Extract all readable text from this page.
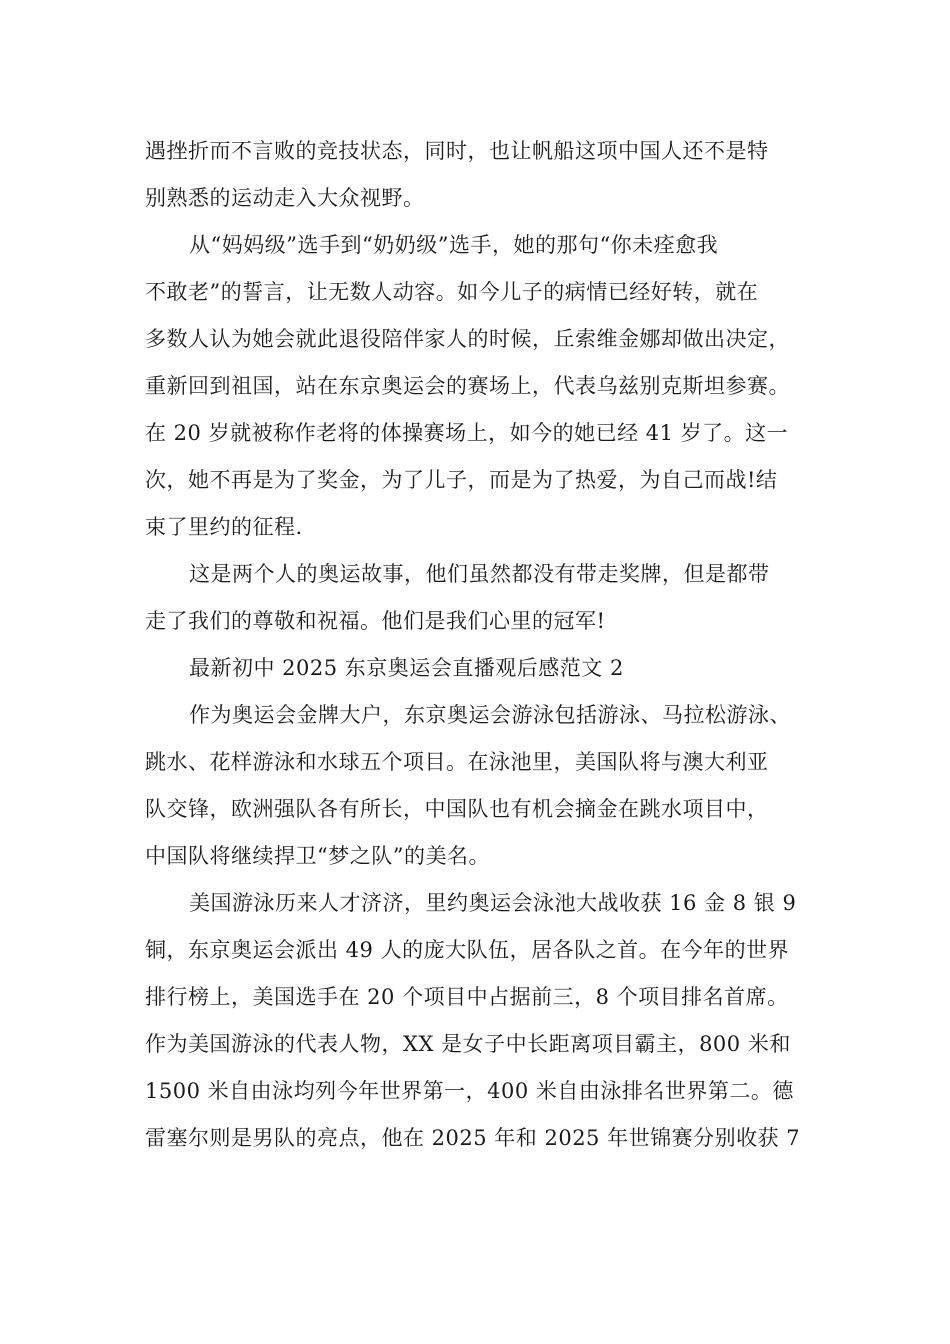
遇挫折而不言败的竞技状态，同时，也让帆船这项中国人还不是特
别熟悉的运动走入大众视野。
从“妈妈级”选手到“奶奶级”选手，她的那句“你未痊愈我
不敢老”的誓言，让无数人动容。如今儿子的病情已经好转，就在
多数人认为她会就此退役陪伴家人的时候，丘索维金娜却做出决定，
重新回到祖国，站在东京奥运会的赛场上，代表乌兹别克斯坦参赛。
在 20 岁就被称作老将的体操赛场上，如今的她已经 41 岁了。这一
次，她不再是为了奖金，为了儿子，而是为了热爱，为自己而战!结
束了里约的征程.
这是两个人的奥运故事，他们虽然都没有带走奖牌，但是都带
走了我们的尊敬和祝福。他们是我们心里的冠军!
最新初中 2025 东京奥运会直播观后感范文 2
作为奥运会金牌大户，东京奥运会游泳包括游泳、马拉松游泳、
跳水、花样游泳和水球五个项目。在泳池里，美国队将与澳大利亚
队交锋，欧洲强队各有所长，中国队也有机会摘金在跳水项目中，
中国队将继续捍卫“梦之队”的美名。
美国游泳历来人才济济，里约奥运会泳池大战收获 16 金 8 银 9
铜，东京奥运会派出 49 人的庞大队伍，居各队之首。在今年的世界
排行榜上，美国选手在 20 个项目中占据前三，8 个项目排名首席。
作为美国游泳的代表人物，XX 是女子中长距离项目霸主，800 米和
1500 米自由泳均列今年世界第一，400 米自由泳排名世界第二。德
雷塞尔则是男队的亮点，他在 2025 年和 2025 年世锦赛分别收获 7
